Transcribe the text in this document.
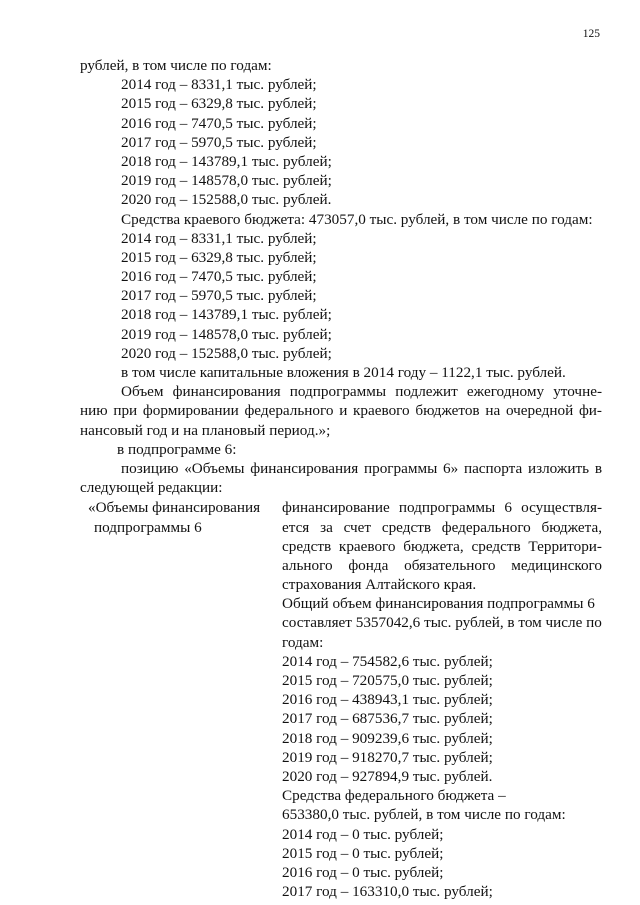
125
рублей, в том числе по годам:
2014 год – 8331,1 тыс. рублей;
2015 год – 6329,8 тыс. рублей;
2016 год – 7470,5 тыс. рублей;
2017 год – 5970,5 тыс. рублей;
2018 год – 143789,1 тыс. рублей;
2019 год – 148578,0 тыс. рублей;
2020 год – 152588,0 тыс. рублей.
Средства краевого бюджета: 473057,0 тыс. рублей, в том числе по годам:
2014 год – 8331,1 тыс. рублей;
2015 год – 6329,8 тыс. рублей;
2016 год – 7470,5 тыс. рублей;
2017 год – 5970,5 тыс. рублей;
2018 год – 143789,1 тыс. рублей;
2019 год – 148578,0 тыс. рублей;
2020 год – 152588,0 тыс. рублей;
в том числе капитальные вложения в 2014 году – 1122,1 тыс. рублей.
Объем финансирования подпрограммы подлежит ежегодному уточне-
нию при формировании федерального и краевого бюджетов на очередной фи-
нансовый год и на плановый период.»;
в подпрограмме 6:
позицию «Объемы финансирования программы 6» паспорта изложить в
следующей редакции:
«Объемы финансирования
подпрограммы 6
финансирование подпрограммы 6 осуществля-
ется за счет средств федерального бюджета,
средств краевого бюджета, средств Территори-
ального фонда обязательного медицинского
страхования Алтайского края.
Общий объем финансирования подпрограммы 6
составляет 5357042,6 тыс. рублей, в том числе по
годам:
2014 год – 754582,6 тыс. рублей;
2015 год – 720575,0 тыс. рублей;
2016 год – 438943,1 тыс. рублей;
2017 год – 687536,7 тыс. рублей;
2018 год – 909239,6 тыс. рублей;
2019 год – 918270,7 тыс. рублей;
2020 год – 927894,9 тыс. рублей.
Средства федерального бюджета –
653380,0 тыс. рублей, в том числе по годам:
2014 год – 0 тыс. рублей;
2015 год – 0 тыс. рублей;
2016 год – 0 тыс. рублей;
2017 год – 163310,0 тыс. рублей;
